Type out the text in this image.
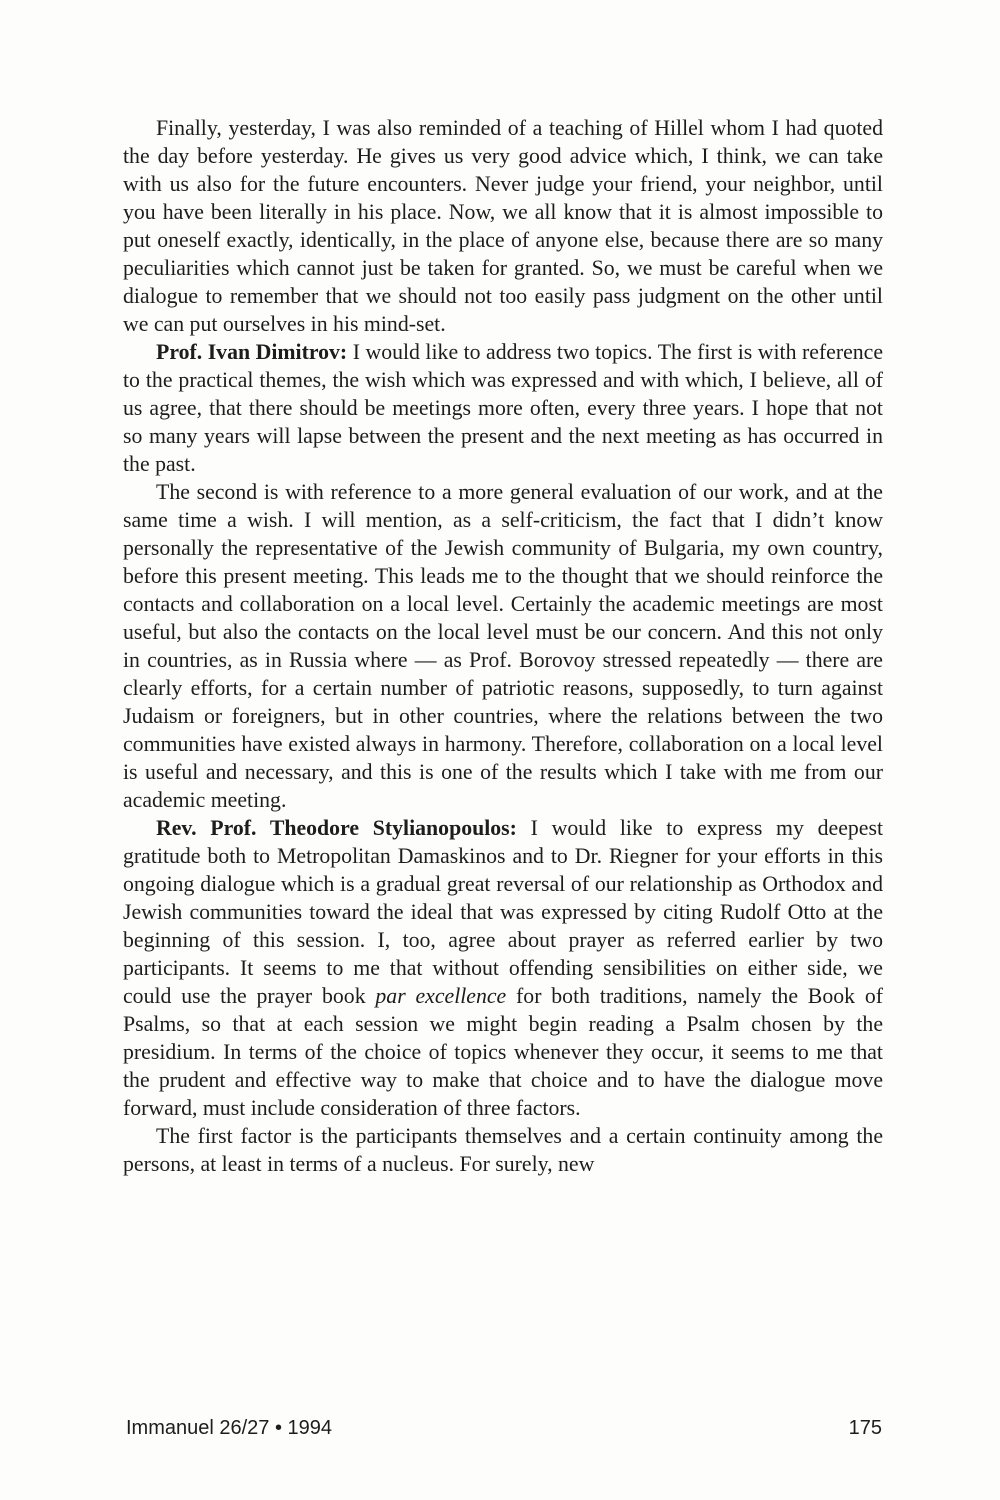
Finally, yesterday, I was also reminded of a teaching of Hillel whom I had quoted the day before yesterday. He gives us very good advice which, I think, we can take with us also for the future encounters. Never judge your friend, your neighbor, until you have been literally in his place. Now, we all know that it is almost impossible to put oneself exactly, identically, in the place of anyone else, because there are so many peculiarities which cannot just be taken for granted. So, we must be careful when we dialogue to remember that we should not too easily pass judgment on the other until we can put ourselves in his mind-set.

Prof. Ivan Dimitrov: I would like to address two topics. The first is with reference to the practical themes, the wish which was expressed and with which, I believe, all of us agree, that there should be meetings more often, every three years. I hope that not so many years will lapse between the present and the next meeting as has occurred in the past.

The second is with reference to a more general evaluation of our work, and at the same time a wish. I will mention, as a self-criticism, the fact that I didn’t know personally the representative of the Jewish community of Bulgaria, my own country, before this present meeting. This leads me to the thought that we should reinforce the contacts and collaboration on a local level. Certainly the academic meetings are most useful, but also the contacts on the local level must be our concern. And this not only in countries, as in Russia where — as Prof. Borovoy stressed repeatedly — there are clearly efforts, for a certain number of patriotic reasons, supposedly, to turn against Judaism or foreigners, but in other countries, where the relations between the two communities have existed always in harmony. Therefore, collaboration on a local level is useful and necessary, and this is one of the results which I take with me from our academic meeting.

Rev. Prof. Theodore Stylianopoulos: I would like to express my deepest gratitude both to Metropolitan Damaskinos and to Dr. Riegner for your efforts in this ongoing dialogue which is a gradual great reversal of our relationship as Orthodox and Jewish communities toward the ideal that was expressed by citing Rudolf Otto at the beginning of this session. I, too, agree about prayer as referred earlier by two participants. It seems to me that without offending sensibilities on either side, we could use the prayer book par excellence for both traditions, namely the Book of Psalms, so that at each session we might begin reading a Psalm chosen by the presidium. In terms of the choice of topics whenever they occur, it seems to me that the prudent and effective way to make that choice and to have the dialogue move forward, must include consideration of three factors.

The first factor is the participants themselves and a certain continuity among the persons, at least in terms of a nucleus. For surely, new

Immanuel 26/27 • 1994	175
